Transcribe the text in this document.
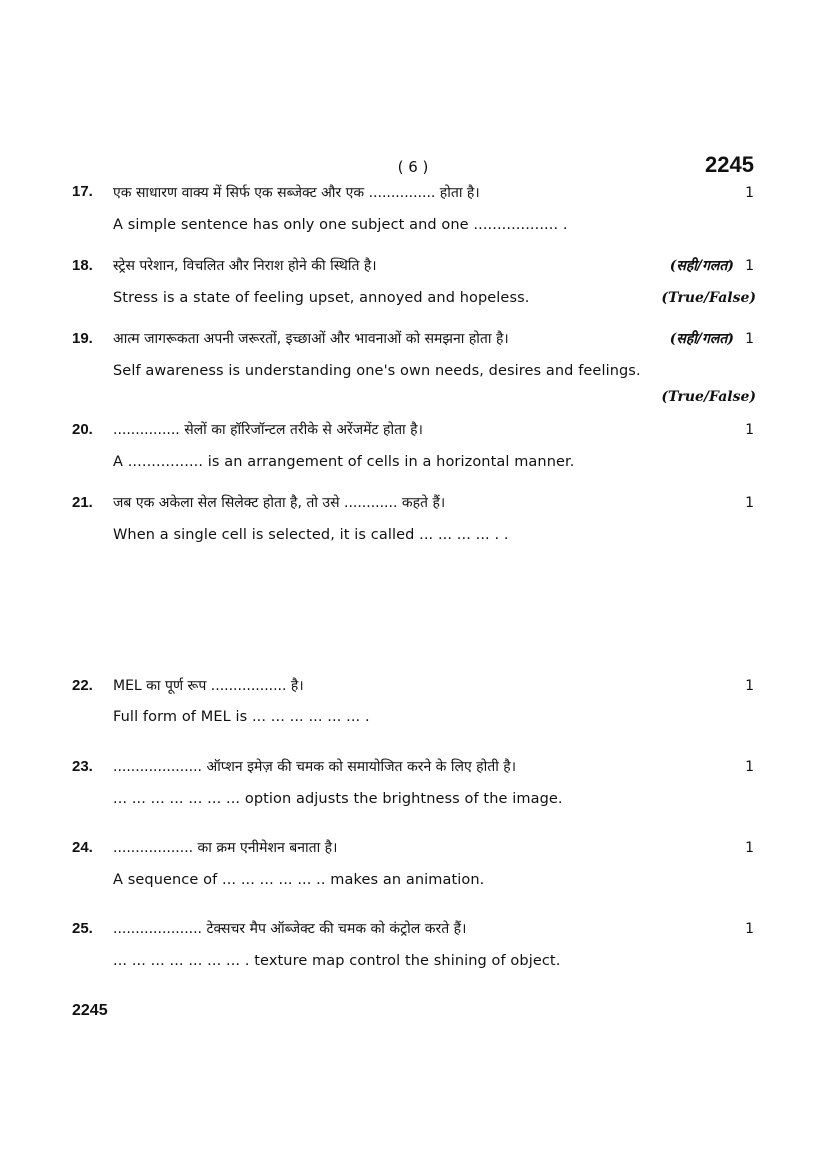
( 6 )	2245
17.	एक साधारण वाक्य में सिर्फ एक सब्जेक्ट और एक ............... होता है।	1
A simple sentence has only one subject and one .................. .
18.	स्ट्रेस परेशान, विचलित और निराश होने की स्थिति है।	(सही/गलत) 1
Stress is a state of feeling upset, annoyed and hopeless.	(True/False)
19.	आत्म जागरूकता अपनी जरूरतों, इच्छाओं और भावनाओं को समझना होता है।	(सही/गलत) 1
Self awareness is understanding one's own needs, desires and feelings.
(True/False)
20.	............... सेलों का हॉरिजॉन्टल तरीके से अरेंजमेंट होता है।	1
A ................ is an arrangement of cells in a horizontal manner.
21.	जब एक अकेला सेल सिलेक्ट होता है, तो उसे ............ कहते हैं।	1
When a single cell is selected, it is called ... ... ... ... . .
22.	MEL का पूर्ण रूप ................. है।	1
Full form of MEL is ... ... ... ... ... ... .
23.	.................... ऑप्शन इमेज़ की चमक को समायोजित करने के लिए होती है।	1
... ... ... ... ... ... ... option adjusts the brightness of the image.
24.	.................. का क्रम एनीमेशन बनाता है।	1
A sequence of ... ... ... ... ... .. makes an animation.
25.	.................... टेक्सचर मैप ऑब्जेक्ट की चमक को कंट्रोल करते हैं।	1
... ... ... ... ... ... ... . texture map control the shining of object.
2245
